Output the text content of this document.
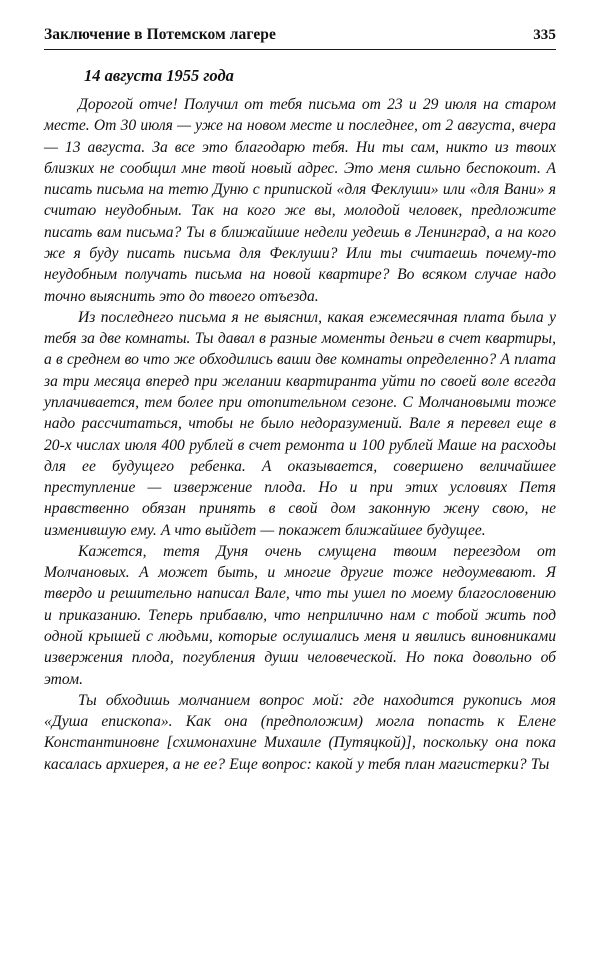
Заключение в Потемском лагере	335
14 августа 1955 года

Дорогой отче! Получил от тебя письма от 23 и 29 июля на старом месте. От 30 июля — уже на новом месте и последнее, от 2 августа, вчера — 13 августа. За все это благодарю тебя. Ни ты сам, никто из твоих близких не сообщил мне твой новый адрес. Это меня сильно беспокоит. А писать письма на тетю Дуню с припиской «для Феклуши» или «для Вани» я считаю неудобным. Так на кого же вы, молодой человек, предложите писать вам письма? Ты в ближайшие недели уедешь в Ленинград, а на кого же я буду писать письма для Феклуши? Или ты считаешь почему-то неудобным получать письма на новой квартире? Во всяком случае надо точно выяснить это до твоего отъезда.

Из последнего письма я не выяснил, какая ежемесячная плата была у тебя за две комнаты. Ты давал в разные моменты деньги в счет квартиры, а в среднем во что же обходились ваши две комнаты определенно? А плата за три месяца вперед при желании квартиранта уйти по своей воле всегда уплачивается, тем более при отопительном сезоне. С Молчановыми тоже надо рассчитаться, чтобы не было недоразумений. Вале я перевел еще в 20-х числах июля 400 рублей в счет ремонта и 100 рублей Маше на расходы для ее будущего ребенка. А оказывается, совершено величайшее преступление — извержение плода. Но и при этих условиях Петя нравственно обязан принять в свой дом законную жену свою, не изменившую ему. А что выйдет — покажет ближайшее будущее.

Кажется, тетя Дуня очень смущена твоим переездом от Молчановых. А может быть, и многие другие тоже недоумевают. Я твердо и решительно написал Вале, что ты ушел по моему благословению и приказанию. Теперь прибавлю, что неприлично нам с тобой жить под одной крышей с людьми, которые ослушались меня и явились виновниками извержения плода, погубления души человеческой. Но пока довольно об этом.

Ты обходишь молчанием вопрос мой: где находится рукопись моя «Душа епископа». Как она (предположим) могла попасть к Елене Константиновне [схимонахине Михаиле (Путяцкой)], поскольку она пока касалась архиерея, а не ее? Еще вопрос: какой у тебя план магистерки? Ты
